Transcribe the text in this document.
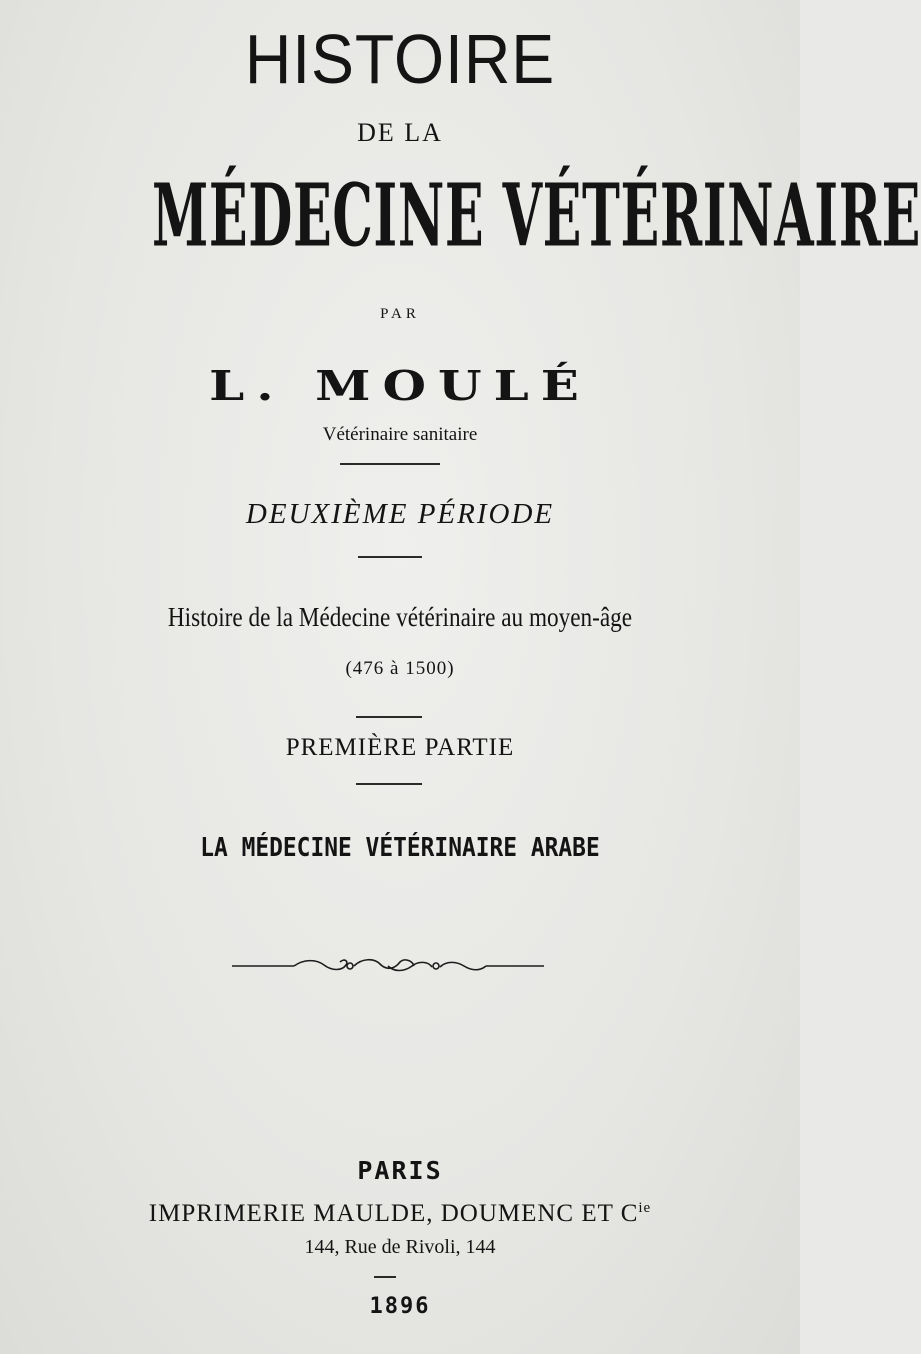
HISTOIRE
DE LA
MÉDECINE VÉTÉRINAIRE
PAR
L. MOULÉ
Vétérinaire sanitaire
DEUXIÈME PÉRIODE
Histoire de la Médecine vétérinaire au moyen-âge
(476 à 1500)
PREMIÈRE PARTIE
LA MÉDECINE VÉTÉRINAIRE ARABE
PARIS
IMPRIMERIE MAULDE, DOUMENC ET $C^{ie}$
144, Rue de Rivoli, 144
1896
